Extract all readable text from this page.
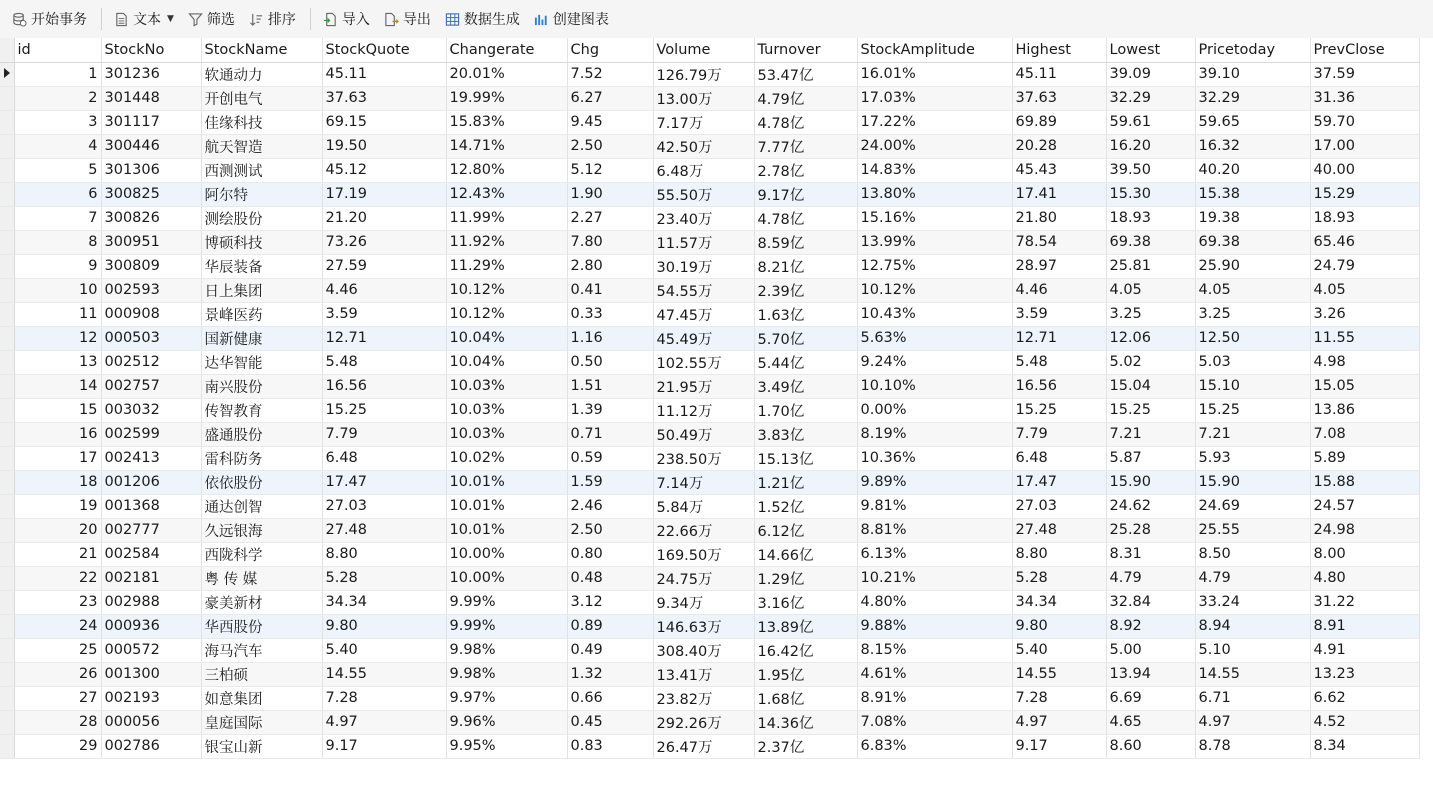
开始事务	文本 ▼ 筛选 排序	导入 导出 数据生成 创建图表
	id	StockNo	StockName	StockQuote	Changerate	Chg	Volume	Turnover	StockAmplitude	Highest	Lowest	Pricetoday	PrevClose
	1	301236	软通动力	45.11	20.01%	7.52	126.79万	53.47亿	16.01%	45.11	39.09	39.10	37.59
	2	301448	开创电气	37.63	19.99%	6.27	13.00万	4.79亿	17.03%	37.63	32.29	32.29	31.36
	3	301117	佳缘科技	69.15	15.83%	9.45	7.17万	4.78亿	17.22%	69.89	59.61	59.65	59.70
	4	300446	航天智造	19.50	14.71%	2.50	42.50万	7.77亿	24.00%	20.28	16.20	16.32	17.00
	5	301306	西测测试	45.12	12.80%	5.12	6.48万	2.78亿	14.83%	45.43	39.50	40.20	40.00
	6	300825	阿尔特	17.19	12.43%	1.90	55.50万	9.17亿	13.80%	17.41	15.30	15.38	15.29
	7	300826	测绘股份	21.20	11.99%	2.27	23.40万	4.78亿	15.16%	21.80	18.93	19.38	18.93
	8	300951	博硕科技	73.26	11.92%	7.80	11.57万	8.59亿	13.99%	78.54	69.38	69.38	65.46
	9	300809	华辰装备	27.59	11.29%	2.80	30.19万	8.21亿	12.75%	28.97	25.81	25.90	24.79
	10	002593	日上集团	4.46	10.12%	0.41	54.55万	2.39亿	10.12%	4.46	4.05	4.05	4.05
	11	000908	景峰医药	3.59	10.12%	0.33	47.45万	1.63亿	10.43%	3.59	3.25	3.25	3.26
	12	000503	国新健康	12.71	10.04%	1.16	45.49万	5.70亿	5.63%	12.71	12.06	12.50	11.55
	13	002512	达华智能	5.48	10.04%	0.50	102.55万	5.44亿	9.24%	5.48	5.02	5.03	4.98
	14	002757	南兴股份	16.56	10.03%	1.51	21.95万	3.49亿	10.10%	16.56	15.04	15.10	15.05
	15	003032	传智教育	15.25	10.03%	1.39	11.12万	1.70亿	0.00%	15.25	15.25	15.25	13.86
	16	002599	盛通股份	7.79	10.03%	0.71	50.49万	3.83亿	8.19%	7.79	7.21	7.21	7.08
	17	002413	雷科防务	6.48	10.02%	0.59	238.50万	15.13亿	10.36%	6.48	5.87	5.93	5.89
	18	001206	依依股份	17.47	10.01%	1.59	7.14万	1.21亿	9.89%	17.47	15.90	15.90	15.88
	19	001368	通达创智	27.03	10.01%	2.46	5.84万	1.52亿	9.81%	27.03	24.62	24.69	24.57
	20	002777	久远银海	27.48	10.01%	2.50	22.66万	6.12亿	8.81%	27.48	25.28	25.55	24.98
	21	002584	西陇科学	8.80	10.00%	0.80	169.50万	14.66亿	6.13%	8.80	8.31	8.50	8.00
	22	002181	粤 传 媒	5.28	10.00%	0.48	24.75万	1.29亿	10.21%	5.28	4.79	4.79	4.80
	23	002988	豪美新材	34.34	9.99%	3.12	9.34万	3.16亿	4.80%	34.34	32.84	33.24	31.22
	24	000936	华西股份	9.80	9.99%	0.89	146.63万	13.89亿	9.88%	9.80	8.92	8.94	8.91
	25	000572	海马汽车	5.40	9.98%	0.49	308.40万	16.42亿	8.15%	5.40	5.00	5.10	4.91
	26	001300	三柏硕	14.55	9.98%	1.32	13.41万	1.95亿	4.61%	14.55	13.94	14.55	13.23
	27	002193	如意集团	7.28	9.97%	0.66	23.82万	1.68亿	8.91%	7.28	6.69	6.71	6.62
	28	000056	皇庭国际	4.97	9.96%	0.45	292.26万	14.36亿	7.08%	4.97	4.65	4.97	4.52
	29	002786	银宝山新	9.17	9.95%	0.83	26.47万	2.37亿	6.83%	9.17	8.60	8.78	8.34
